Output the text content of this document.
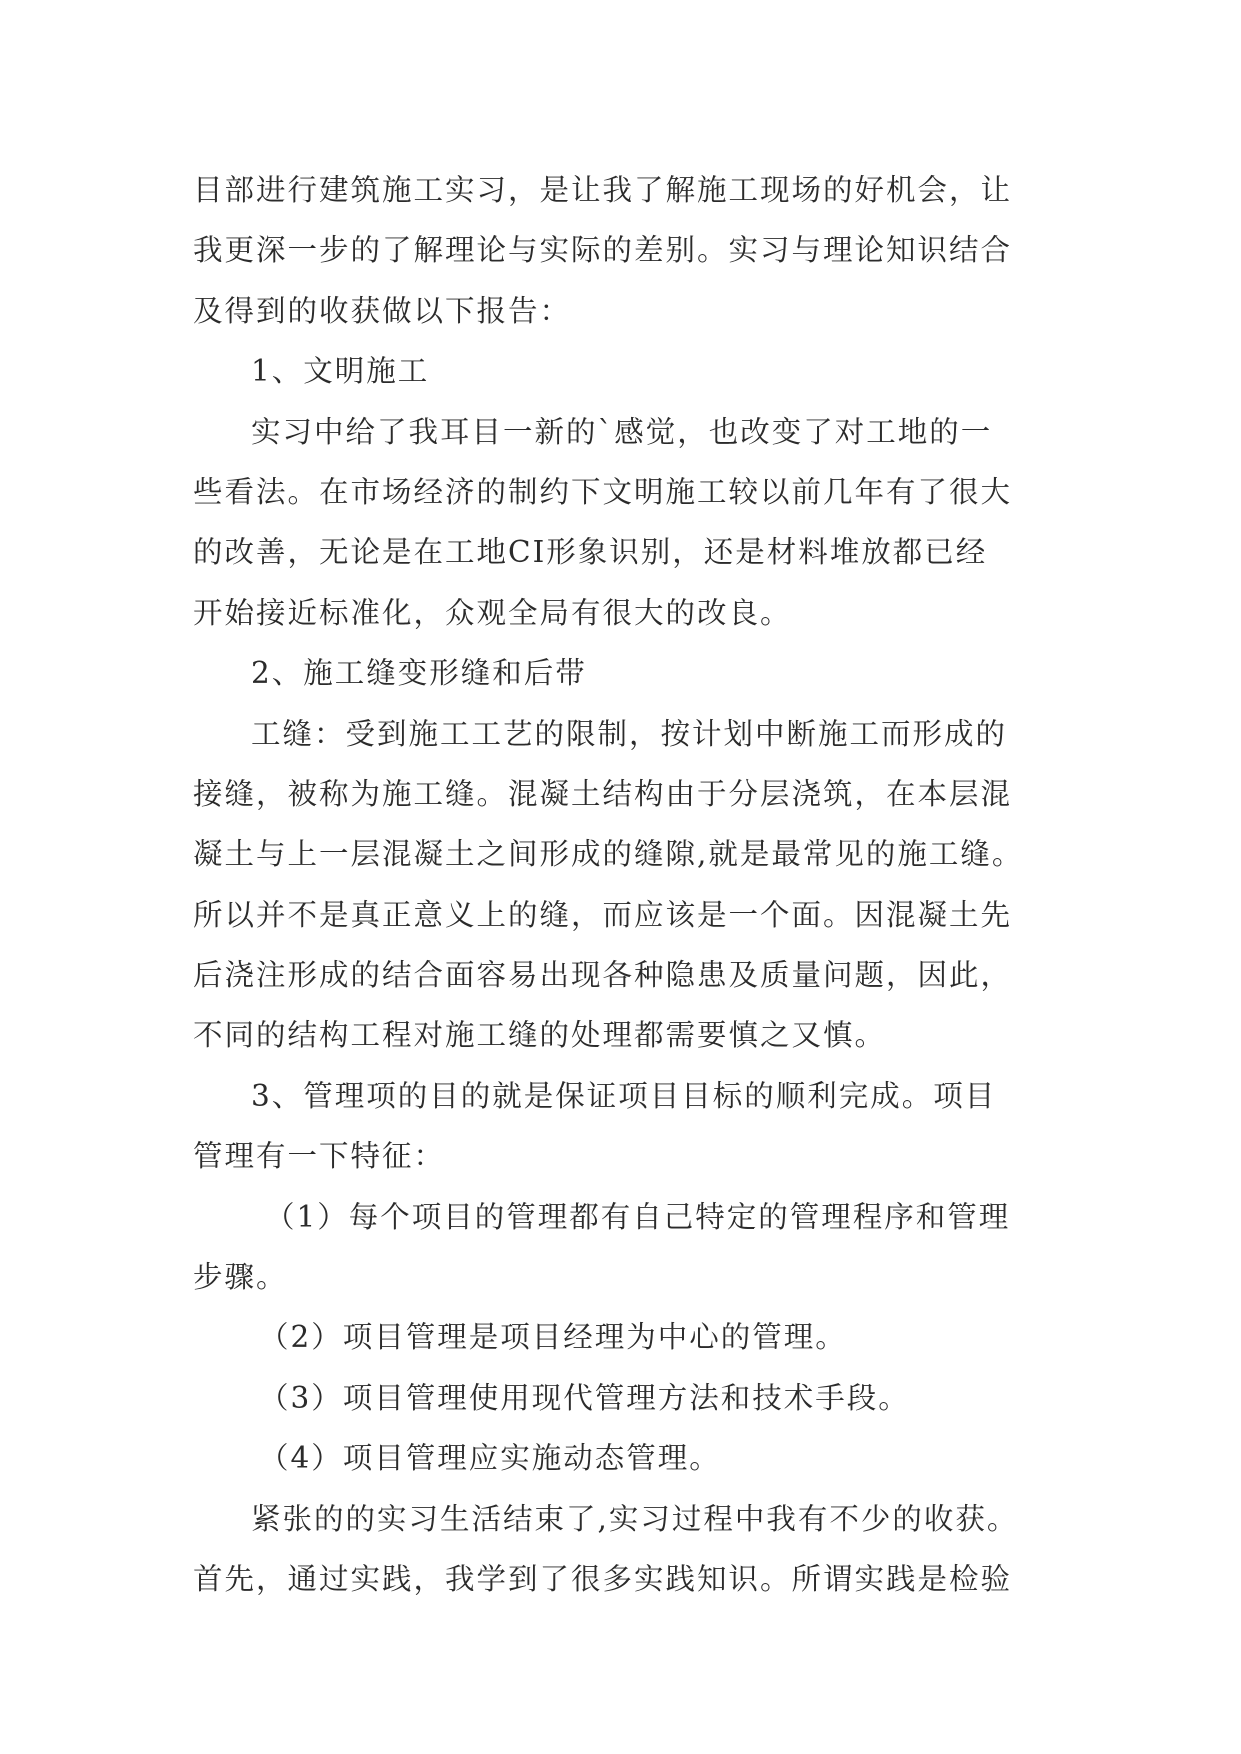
目部进行建筑施工实习，是让我了解施工现场的好机会，让
我更深一步的了解理论与实际的差别。实习与理论知识结合
及得到的收获做以下报告：
1、文明施工
实习中给了我耳目一新的`感觉，也改变了对工地的一
些看法。在市场经济的制约下文明施工较以前几年有了很大
的改善，无论是在工地CI形象识别，还是材料堆放都已经
开始接近标准化，众观全局有很大的改良。
2、施工缝变形缝和后带
工缝：受到施工工艺的限制，按计划中断施工而形成的
接缝，被称为施工缝。混凝土结构由于分层浇筑，在本层混
凝土与上一层混凝土之间形成的缝隙,就是最常见的施工缝。
所以并不是真正意义上的缝，而应该是一个面。因混凝土先
后浇注形成的结合面容易出现各种隐患及质量问题，因此，
不同的结构工程对施工缝的处理都需要慎之又慎。
3、管理项的目的就是保证项目目标的顺利完成。项目
管理有一下特征：
（1）每个项目的管理都有自己特定的管理程序和管理
步骤。
（2）项目管理是项目经理为中心的管理。
（3）项目管理使用现代管理方法和技术手段。
（4）项目管理应实施动态管理。
紧张的的实习生活结束了,实习过程中我有不少的收获。
首先，通过实践，我学到了很多实践知识。所谓实践是检验
